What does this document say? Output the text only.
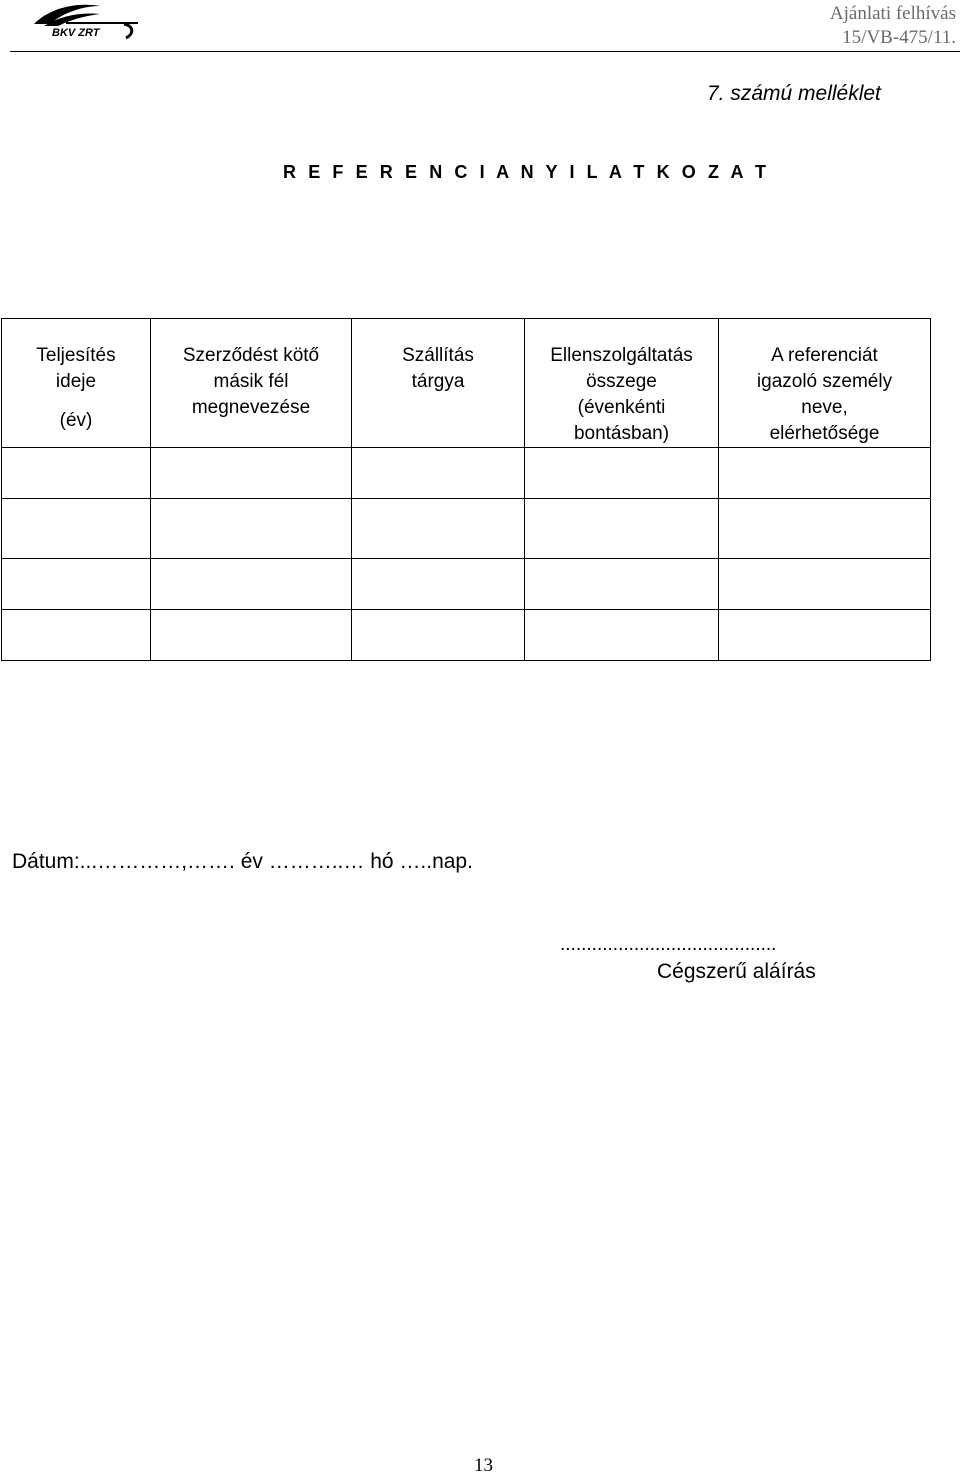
BKV ZRT
Ajánlati felhívás
15/VB-475/11.
7. számú melléklet
R E F E R E N C I A N Y I L A T K O Z A T
Teljesítés
ideje
(év)	Szerződést kötő
másik fél
megnevezése	Szállítás
tárgya	Ellenszolgáltatás
összege
(évenkénti
bontásban)	A referenciát
igazoló személy
neve,
elérhetősége

Dátum:...…………,……. év ………..… hó …..nap.
.........................................
Cégszerű aláírás
13
